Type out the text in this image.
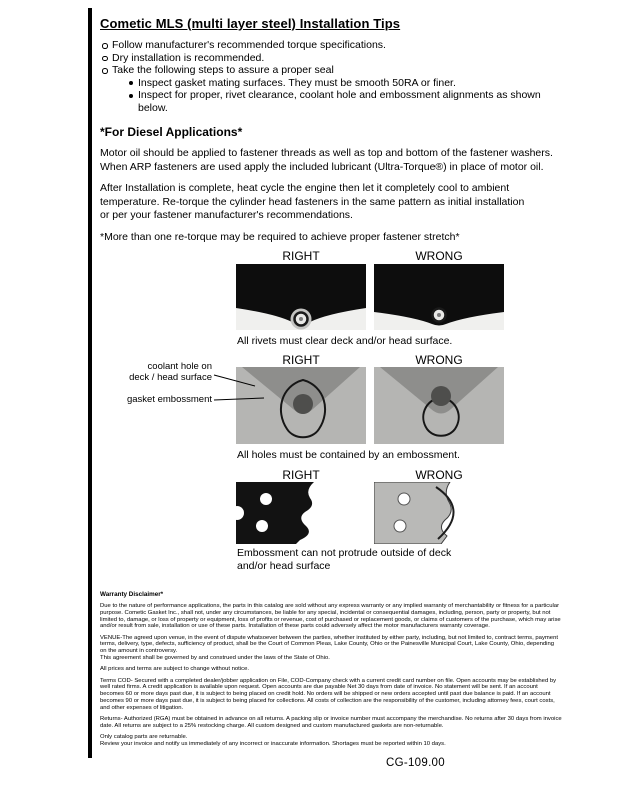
Cometic MLS (multi layer steel) Installation Tips
Follow manufacturer's recommended torque specifications.
Dry installation is recommended.
Take the following steps to assure a proper seal
Inspect gasket mating surfaces. They must be smooth 50RA or finer.
Inspect for proper, rivet clearance, coolant hole and embossment alignments as shown below.
*For Diesel Applications*

Motor oil should be applied to fastener threads as well as top and bottom of the fastener washers.
When ARP fasteners are used apply the included lubricant (Ultra-Torque®) in place of motor oil.

After Installation is complete, heat cycle the engine then let it completely cool to ambient
temperature. Re-torque the cylinder head fasteners in the same pattern as initial installation
or per your fastener manufacturer's recommendations.

*More than one re-torque may be required to achieve proper fastener stretch*

RIGHT	WRONG
All rivets must clear deck and/or head surface.
RIGHT	WRONG
coolant hole on
deck / head surface
gasket embossment
All holes must be contained by an embossment.
RIGHT	WRONG
Embossment can not protrude outside of deck
and/or head surface
Warranty Disclaimer*

Due to the nature of performance applications, the parts in this catalog are sold without any express warranty or any implied warranty of merchantability or fitness for a particular purpose. Cometic Gasket Inc., shall not, under any circumstances, be liable for any special, incidental or consequential damages, including, person, party or property, but not limited to, damage, or loss of property or equipment, loss of profits or revenue, cost of purchased or replacement goods, or claims of customers of the purchase, which may arise and/or result from sale, installation or use of these parts. Installation of these parts could adversely affect the motor manufacturers warranty coverage.

VENUE-The agreed upon venue, in the event of dispute whatsoever between the parties, whether instituted by either party, including, but not limited to, contract terms, payment terms, delivery, type, defects, sufficiency of product, shall be the Court of Common Pleas, Lake County, Ohio or the Painesville Municipal Court, Lake County, Ohio, depending on the amount in controversy.
This agreement shall be governed by and construed under the laws of the State of Ohio.

All prices and terms are subject to change without notice.

Terms COD- Secured with a completed dealer/jobber application on File, COD-Company check with a current credit card number on file. Open accounts may be established by well rated firms. A credit application is available upon request. Open accounts are due payable Net 30 days from date of invoice. No statement will be sent. If an account becomes 60 or more days past due, it is subject to being placed on credit hold. No orders will be shipped or new orders accepted until past due balance is paid. If an account becomes 90 or more days past due, it is subject to being placed for collections. All costs of collection are the responsibility of the customer, including attorney fees, court costs, and other expenses of litigation.

Returns- Authorized (RGA) must be obtained in advance on all returns. A packing slip or invoice number must accompany the merchandise. No returns after 30 days from invoice date. All returns are subject to a 25% restocking charge. All custom designed and custom manufactured gaskets are non-returnable.

Only catalog parts are returnable.
Review your invoice and notify us immediately of any incorrect or inaccurate information. Shortages must be reported within 10 days.

CG-109.00
